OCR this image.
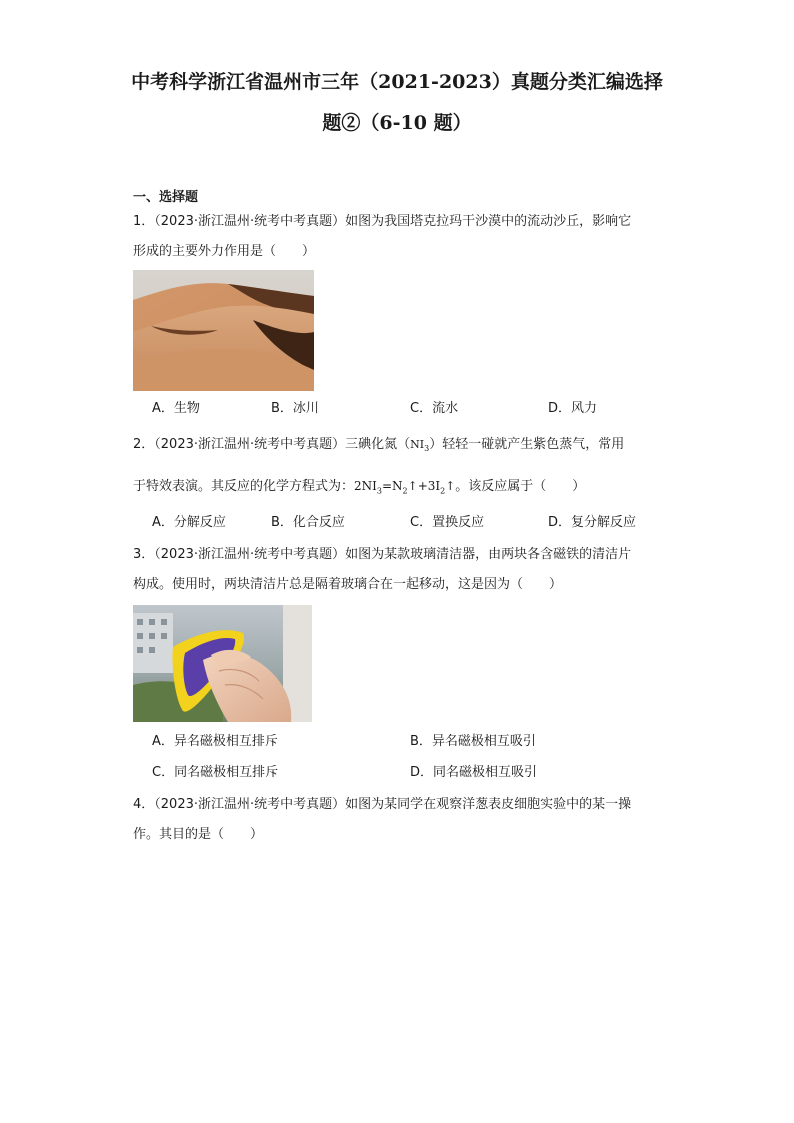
中考科学浙江省温州市三年（2021-2023）真题分类汇编选择
题②（6-10 题）
一、选择题
1．（2023·浙江温州·统考中考真题）如图为我国塔克拉玛干沙漠中的流动沙丘，影响它
形成的主要外力作用是（　　）
A．生物	B．冰川	C．流水	D．风力
2．（2023·浙江温州·统考中考真题）三碘化氮$(NI_3)$轻轻一碰就产生紫色蒸气，常用
于特效表演。其反应的化学方程式为：$2NI_3=N_2↑+3I_2↑$。该反应属于（　　）
A．分解反应	B．化合反应	C．置换反应	D．复分解反应
3．（2023·浙江温州·统考中考真题）如图为某款玻璃清洁器，由两块各含磁铁的清洁片
构成。使用时，两块清洁片总是隔着玻璃合在一起移动，这是因为（　　）
A．异名磁极相互排斥	B．异名磁极相互吸引
C．同名磁极相互排斥	D．同名磁极相互吸引
4．（2023·浙江温州·统考中考真题）如图为某同学在观察洋葱表皮细胞实验中的某一操
作。其目的是（　　）
